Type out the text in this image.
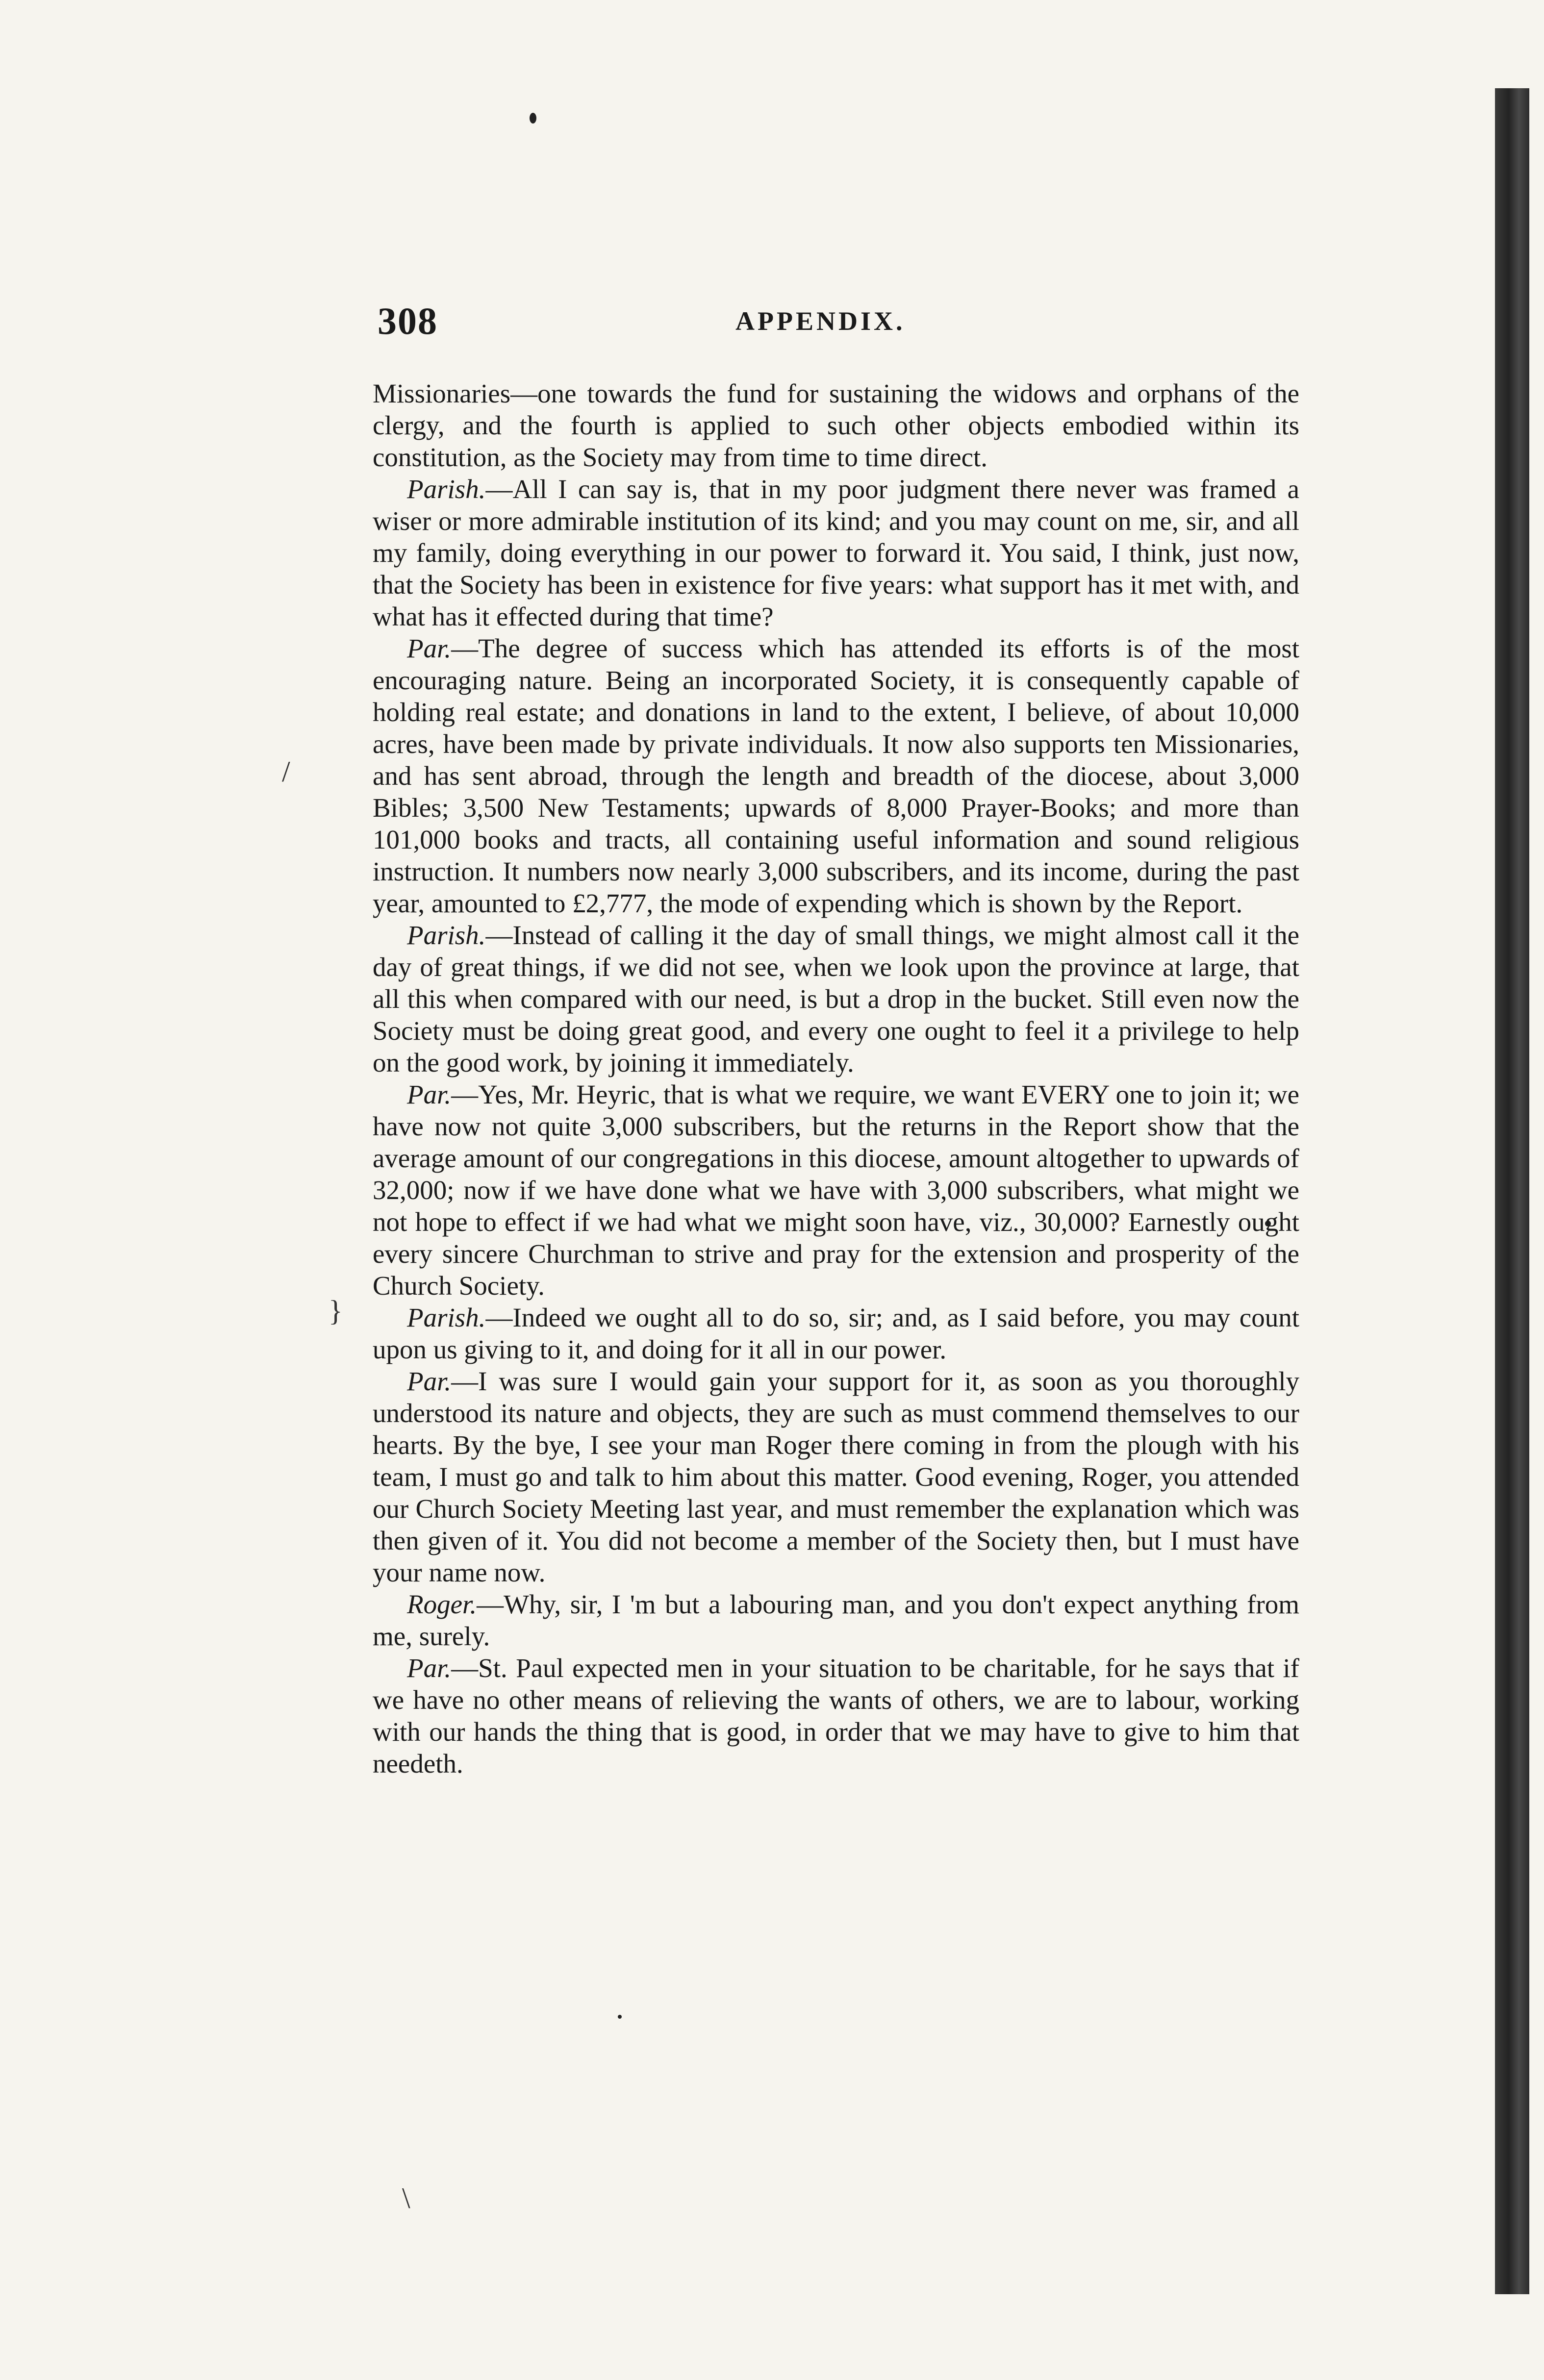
/
}
\
308	APPENDIX.

Missionaries—one towards the fund for sustaining the widows and orphans of the clergy, and the fourth is applied to such other objects embodied within its constitution, as the Society may from time to time direct.

Parish.—All I can say is, that in my poor judgment there never was framed a wiser or more admirable institution of its kind; and you may count on me, sir, and all my family, doing everything in our power to forward it. You said, I think, just now, that the Society has been in existence for five years: what support has it met with, and what has it effected during that time?

Par.—The degree of success which has attended its efforts is of the most encouraging nature. Being an incorporated Society, it is consequently capable of holding real estate; and donations in land to the extent, I believe, of about 10,000 acres, have been made by private individuals. It now also supports ten Missionaries, and has sent abroad, through the length and breadth of the diocese, about 3,000 Bibles; 3,500 New Testaments; upwards of 8,000 Prayer-Books; and more than 101,000 books and tracts, all containing useful information and sound religious instruction. It numbers now nearly 3,000 subscribers, and its income, during the past year, amounted to £2,777, the mode of expending which is shown by the Report.

Parish.—Instead of calling it the day of small things, we might almost call it the day of great things, if we did not see, when we look upon the province at large, that all this when compared with our need, is but a drop in the bucket. Still even now the Society must be doing great good, and every one ought to feel it a privilege to help on the good work, by joining it immediately.

Par.—Yes, Mr. Heyric, that is what we require, we want EVERY one to join it; we have now not quite 3,000 subscribers, but the returns in the Report show that the average amount of our congregations in this diocese, amount altogether to upwards of 32,000; now if we have done what we have with 3,000 subscribers, what might we not hope to effect if we had what we might soon have, viz., 30,000? Earnestly ought every sincere Churchman to strive and pray for the extension and prosperity of the Church Society.

Parish.—Indeed we ought all to do so, sir; and, as I said before, you may count upon us giving to it, and doing for it all in our power.

Par.—I was sure I would gain your support for it, as soon as you thoroughly understood its nature and objects, they are such as must commend themselves to our hearts. By the bye, I see your man Roger there coming in from the plough with his team, I must go and talk to him about this matter. Good evening, Roger, you attended our Church Society Meeting last year, and must remember the explanation which was then given of it. You did not become a member of the Society then, but I must have your name now.

Roger.—Why, sir, I 'm but a labouring man, and you don't expect anything from me, surely.

Par.—St. Paul expected men in your situation to be charitable, for he says that if we have no other means of relieving the wants of others, we are to labour, working with our hands the thing that is good, in order that we may have to give to him that needeth.
